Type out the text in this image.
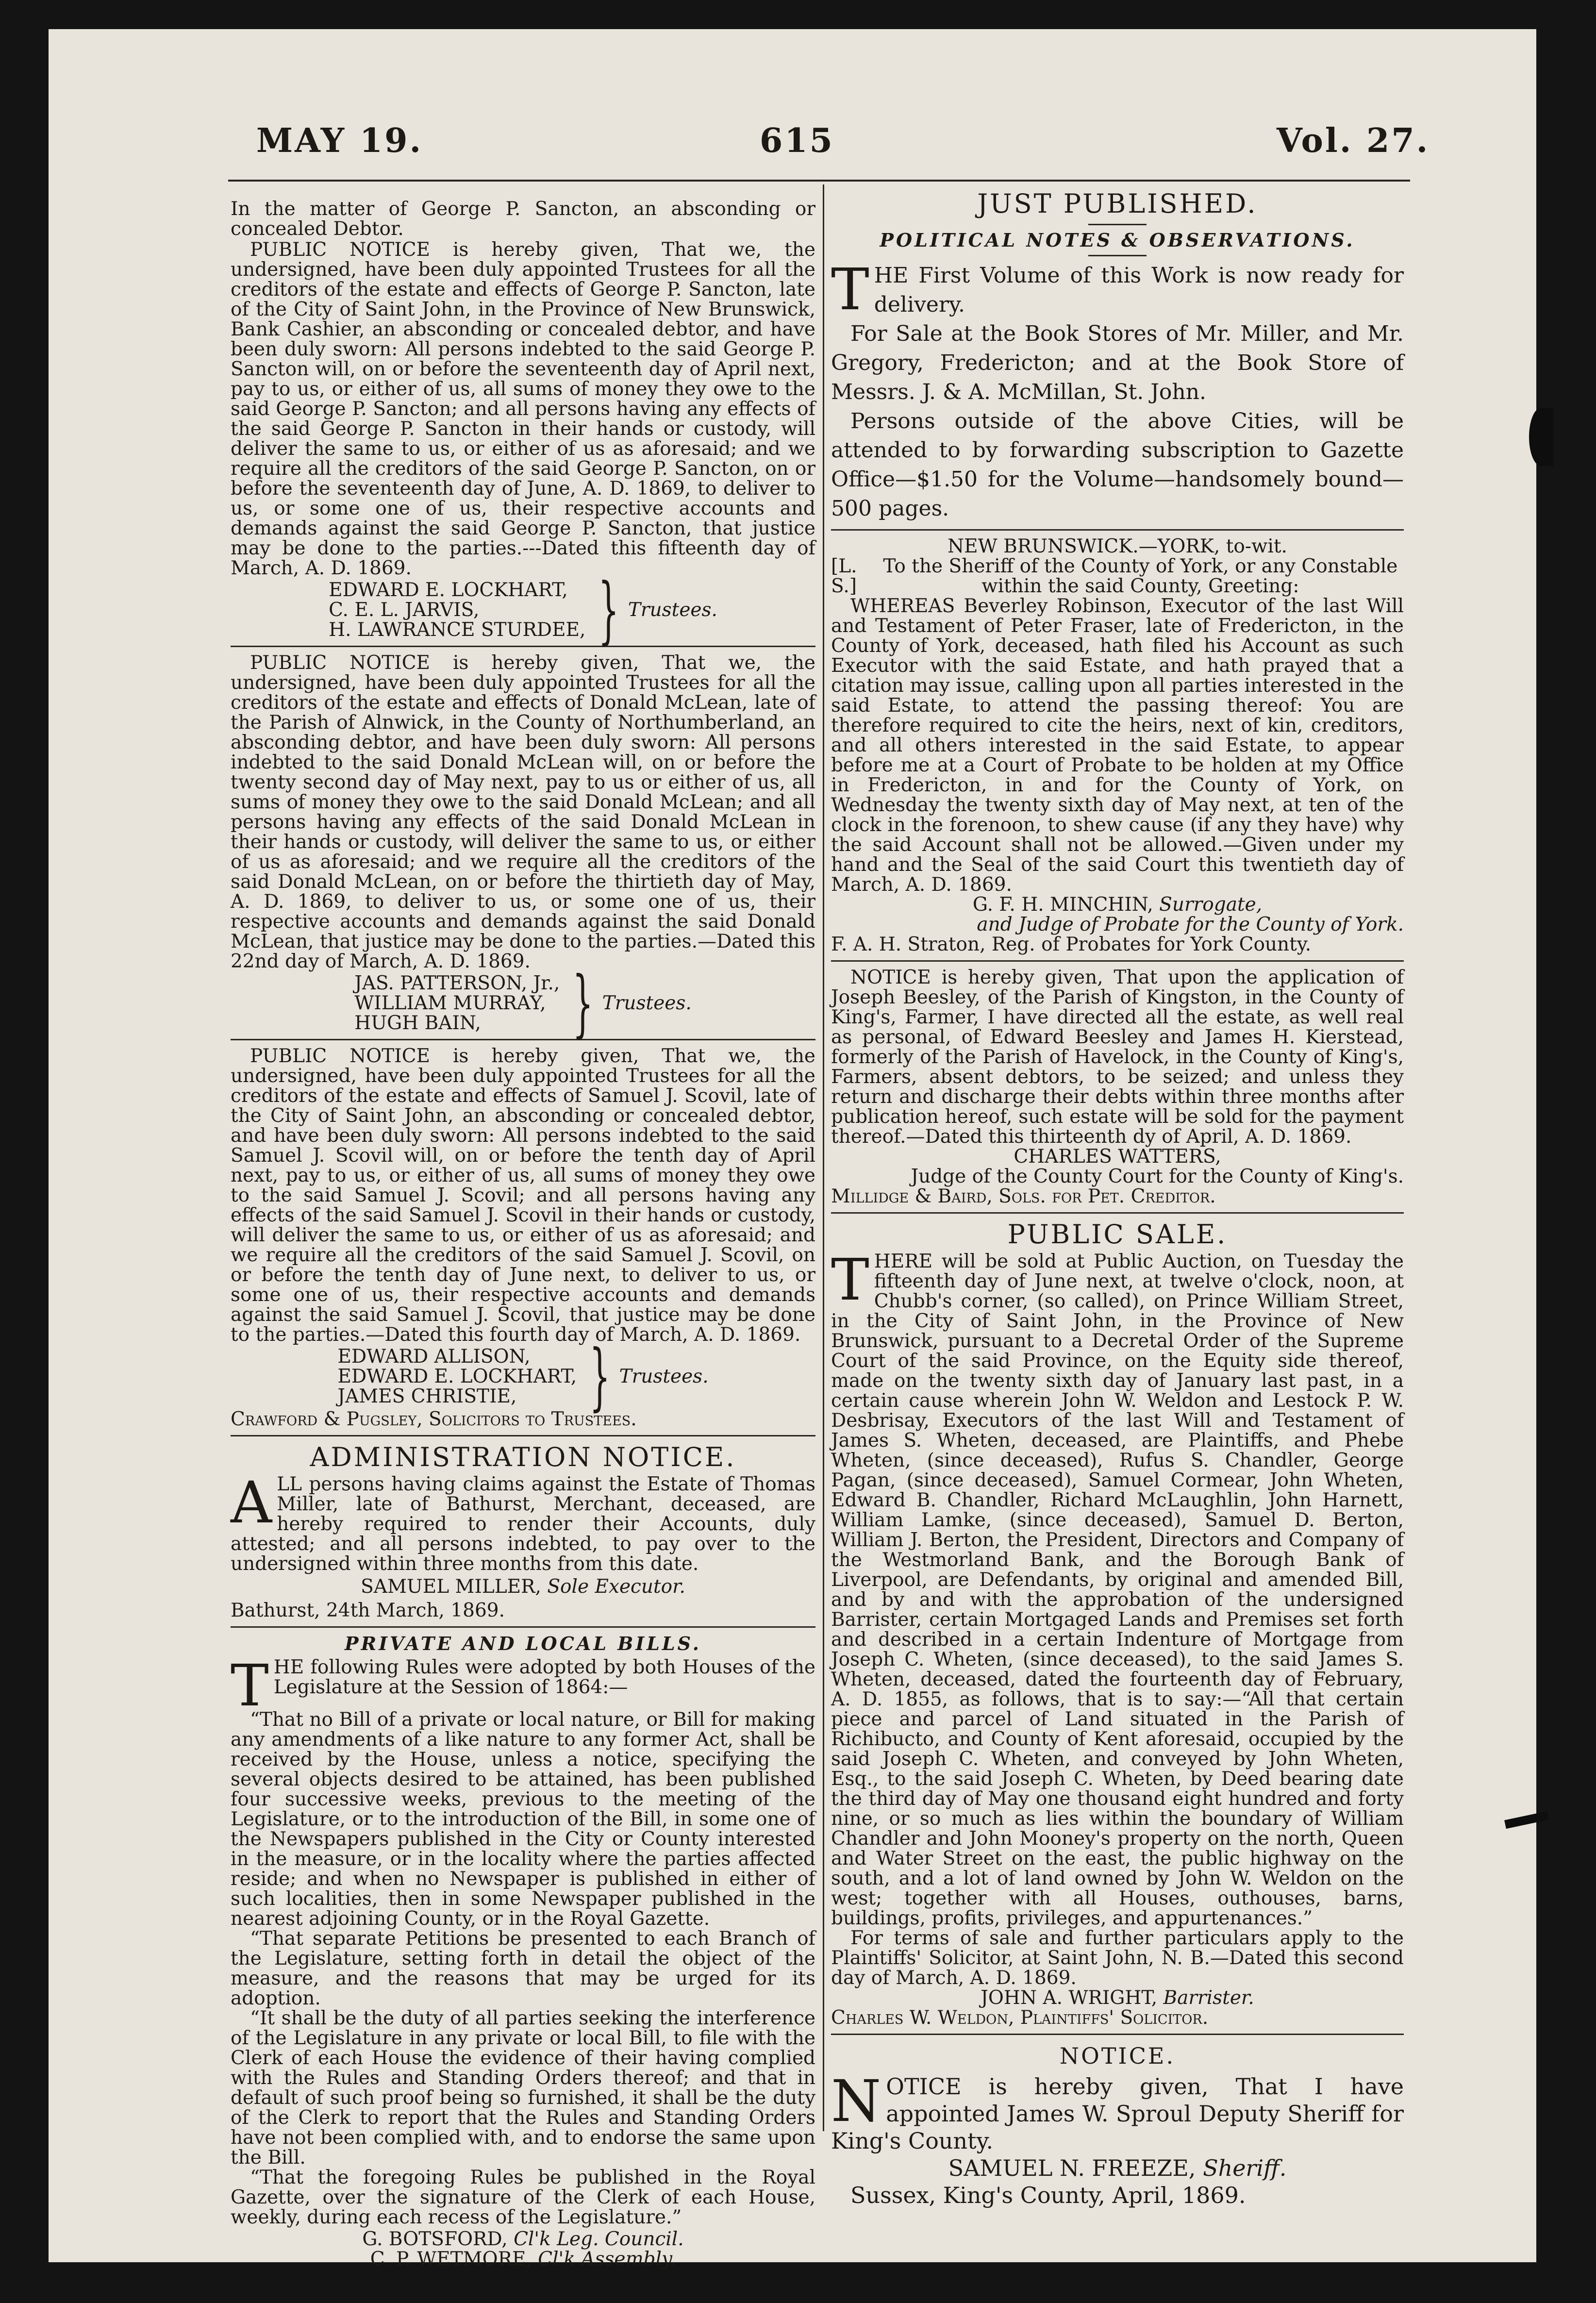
MAY 19.	615	Vol. 27.

In the matter of George P. Sancton, an absconding or concealed Debtor.

PUBLIC NOTICE is hereby given, That we, the undersigned, have been duly appointed Trustees for all the creditors of the estate and effects of George P. Sancton, late of the City of Saint John, in the Province of New Brunswick, Bank Cashier, an absconding or concealed debtor, and have been duly sworn: All persons indebted to the said George P. Sancton will, on or before the seventeenth day of April next, pay to us, or either of us, all sums of money they owe to the said George P. Sancton; and all persons having any effects of the said George P. Sancton in their hands or custody, will deliver the same to us, or either of us as aforesaid; and we require all the creditors of the said George P. Sancton, on or before the seventeenth day of June, A. D. 1869, to deliver to us, or some one of us, their respective accounts and demands against the said George P. Sancton, that justice may be done to the parties.---Dated this fifteenth day of March, A. D. 1869.

EDWARD E. LOCKHART,
C. E. L. JARVIS,
H. LAWRANCE STURDEE, } Trustees.

PUBLIC NOTICE is hereby given, That we, the undersigned, have been duly appointed Trustees for all the creditors of the estate and effects of Donald McLean, late of the Parish of Alnwick, in the County of Northumberland, an absconding debtor, and have been duly sworn: All persons indebted to the said Donald McLean will, on or before the twenty second day of May next, pay to us or either of us, all sums of money they owe to the said Donald McLean; and all persons having any effects of the said Donald McLean in their hands or custody, will deliver the same to us, or either of us as aforesaid; and we require all the creditors of the said Donald McLean, on or before the thirtieth day of May, A. D. 1869, to deliver to us, or some one of us, their respective accounts and demands against the said Donald McLean, that justice may be done to the parties.—Dated this 22nd day of March, A. D. 1869.

JAS. PATTERSON, Jr.,
WILLIAM MURRAY,
HUGH BAIN,	} Trustees.

PUBLIC NOTICE is hereby given, That we, the undersigned, have been duly appointed Trustees for all the creditors of the estate and effects of Samuel J. Scovil, late of the City of Saint John, an absconding or concealed debtor, and have been duly sworn: All persons indebted to the said Samuel J. Scovil will, on or before the tenth day of April next, pay to us, or either of us, all sums of money they owe to the said Samuel J. Scovil; and all persons having any effects of the said Samuel J. Scovil in their hands or custody, will deliver the same to us, or either of us as aforesaid; and we require all the creditors of the said Samuel J. Scovil, on or before the tenth day of June next, to deliver to us, or some one of us, their respective accounts and demands against the said Samuel J. Scovil, that justice may be done to the parties.—Dated this fourth day of March, A. D. 1869.

EDWARD ALLISON,
EDWARD E. LOCKHART,
JAMES CHRISTIE,	} Trustees.

Crawford & Pugsley, Solicitors to Trustees.

ADMINISTRATION NOTICE.

ALL persons having claims against the Estate of Thomas Miller, late of Bathurst, Merchant, deceased, are hereby required to render their Accounts, duly attested; and all persons indebted, to pay over to the undersigned within three months from this date.

SAMUEL MILLER, Sole Executor.

Bathurst, 24th March, 1869.

PRIVATE AND LOCAL BILLS.

THE following Rules were adopted by both Houses of the Legislature at the Session of 1864:—

“That no Bill of a private or local nature, or Bill for making any amendments of a like nature to any former Act, shall be received by the House, unless a notice, specifying the several objects desired to be attained, has been published four successive weeks, previous to the meeting of the Legislature, or to the introduction of the Bill, in some one of the Newspapers published in the City or County interested in the measure, or in the locality where the parties affected reside; and when no Newspaper is published in either of such localities, then in some Newspaper published in the nearest adjoining County, or in the Royal Gazette.

“That separate Petitions be presented to each Branch of the Legislature, setting forth in detail the object of the measure, and the reasons that may be urged for its adoption.

“It shall be the duty of all parties seeking the interference of the Legislature in any private or local Bill, to file with the Clerk of each House the evidence of their having complied with the Rules and Standing Orders thereof; and that in default of such proof being so furnished, it shall be the duty of the Clerk to report that the Rules and Standing Orders have not been complied with, and to endorse the same upon the Bill.

“That the foregoing Rules be published in the Royal Gazette, over the signature of the Clerk of each House, weekly, during each recess of the Legislature.”

G. BOTSFORD, Cl'k Leg. Council.

C. P. WETMORE, Cl'k Assembly.

JUST PUBLISHED.
POLITICAL NOTES & OBSERVATIONS.

THE First Volume of this Work is now ready for delivery.

For Sale at the Book Stores of Mr. Miller, and Mr. Gregory, Fredericton; and at the Book Store of Messrs. J. & A. McMillan, St. John.

Persons outside of the above Cities, will be attended to by forwarding subscription to Gazette Office—$1.50 for the Volume—handsomely bound—500 pages.

NEW BRUNSWICK.—YORK, to-wit.

[L. S.]
To the Sheriff of the County of York, or any Constable within the said County, Greeting:

WHEREAS Beverley Robinson, Executor of the last Will and Testament of Peter Fraser, late of Fredericton, in the County of York, deceased, hath filed his Account as such Executor with the said Estate, and hath prayed that a citation may issue, calling upon all parties interested in the said Estate, to attend the passing thereof: You are therefore required to cite the heirs, next of kin, creditors, and all others interested in the said Estate, to appear before me at a Court of Probate to be holden at my Office in Fredericton, in and for the County of York, on Wednesday the twenty sixth day of May next, at ten of the clock in the forenoon, to shew cause (if any they have) why the said Account shall not be allowed.—Given under my hand and the Seal of the said Court this twentieth day of March, A. D. 1869.

G. F. H. MINCHIN, Surrogate,

and Judge of Probate for the County of York.

F. A. H. Straton, Reg. of Probates for York County.

NOTICE is hereby given, That upon the application of Joseph Beesley, of the Parish of Kingston, in the County of King's, Farmer, I have directed all the estate, as well real as personal, of Edward Beesley and James H. Kierstead, formerly of the Parish of Havelock, in the County of King's, Farmers, absent debtors, to be seized; and unless they return and discharge their debts within three months after publication hereof, such estate will be sold for the payment thereof.—Dated this thirteenth dy of April, A. D. 1869.

CHARLES WATTERS,

Judge of the County Court for the County of King's.

Millidge & Baird, Sols. for Pet. Creditor.

PUBLIC SALE.

THERE will be sold at Public Auction, on Tuesday the fifteenth day of June next, at twelve o'clock, noon, at Chubb's corner, (so called), on Prince William Street, in the City of Saint John, in the Province of New Brunswick, pursuant to a Decretal Order of the Supreme Court of the said Province, on the Equity side thereof, made on the twenty sixth day of January last past, in a certain cause wherein John W. Weldon and Lestock P. W. Desbrisay, Executors of the last Will and Testament of James S. Wheten, deceased, are Plaintiffs, and Phebe Wheten, (since deceased), Rufus S. Chandler, George Pagan, (since deceased), Samuel Cormear, John Wheten, Edward B. Chandler, Richard McLaughlin, John Harnett, William Lamke, (since deceased), Samuel D. Berton, William J. Berton, the President, Directors and Company of the Westmorland Bank, and the Borough Bank of Liverpool, are Defendants, by original and amended Bill, and by and with the approbation of the undersigned Barrister, certain Mortgaged Lands and Premises set forth and described in a certain Indenture of Mortgage from Joseph C. Wheten, (since deceased), to the said James S. Wheten, deceased, dated the fourteenth day of February, A. D. 1855, as follows, that is to say:—“All that certain piece and parcel of Land situated in the Parish of Richibucto, and County of Kent aforesaid, occupied by the said Joseph C. Wheten, and conveyed by John Wheten, Esq., to the said Joseph C. Wheten, by Deed bearing date the third day of May one thousand eight hundred and forty nine, or so much as lies within the boundary of William Chandler and John Mooney's property on the north, Queen and Water Street on the east, the public highway on the south, and a lot of land owned by John W. Weldon on the west; together with all Houses, outhouses, barns, buildings, profits, privileges, and appurtenances.”

For terms of sale and further particulars apply to the Plaintiffs' Solicitor, at Saint John, N. B.—Dated this second day of March, A. D. 1869.

JOHN A. WRIGHT, Barrister.

Charles W. Weldon, Plaintiffs' Solicitor.

NOTICE.

NOTICE is hereby given, That I have appointed James W. Sproul Deputy Sheriff for King's County.

SAMUEL N. FREEZE, Sheriff.

Sussex, King's County, April, 1869.
